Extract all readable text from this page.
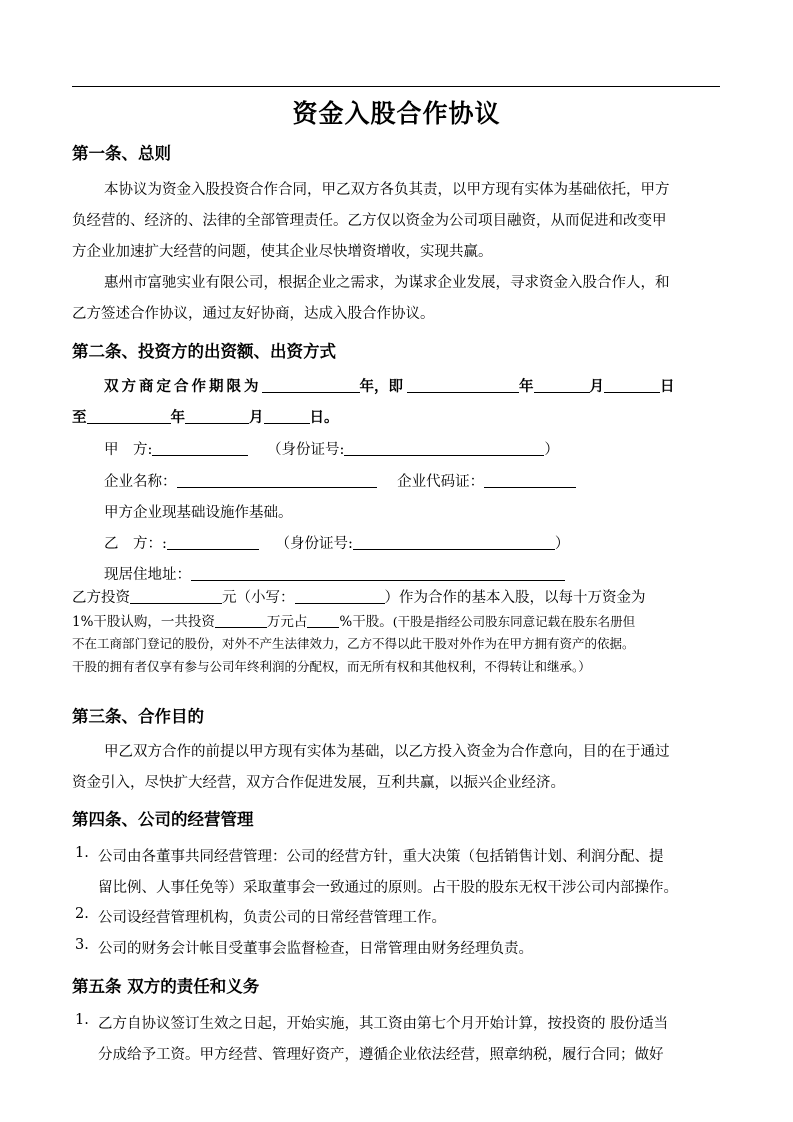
资金入股合作协议
第一条、总则
本协议为资金入股投资合作合同，甲乙双方各负其责，以甲方现有实体为基础依托，甲方
负经营的、经济的、法律的全部管理责任。乙方仅以资金为公司项目融资，从而促进和改变甲
方企业加速扩大经营的问题，使其企业尽快增资增收，实现共赢。
惠州市富驰实业有限公司，根据企业之需求，为谋求企业发展，寻求资金入股合作人，和
乙方签述合作协议，通过友好协商，达成入股合作协议。
第二条、投资方的出资额、出资方式
双方商定合作期限为	年，即	年	月	日
至	年	月	日。
甲　方:	（身份证号:	）
企业名称：	企业代码证：
甲方企业现基础设施作基础。
乙　方：:	（身份证号:	）
现居住地址：
乙方投资	元（小写：	）作为合作的基本入股，以每十万资金为
1%干股认购，一共投资	万元占 %干股。(干股是指经公司股东同意记载在股东名册但
不在工商部门登记的股份，对外不产生法律效力，乙方不得以此干股对外作为在甲方拥有资产的依据。
干股的拥有者仅享有参与公司年终利润的分配权，而无所有权和其他权利，不得转让和继承。）
第三条、合作目的
甲乙双方合作的前提以甲方现有实体为基础，以乙方投入资金为合作意向，目的在于通过
资金引入，尽快扩大经营，双方合作促进发展，互利共赢，以振兴企业经济。
第四条、公司的经营管理
1. 公司由各董事共同经营管理：公司的经营方针，重大决策（包括销售计划、利润分配、提
留比例、人事任免等）采取董事会一致通过的原则。占干股的股东无权干涉公司内部操作。
2. 公司设经营管理机构，负责公司的日常经营管理工作。
3. 公司的财务会计帐目受董事会监督检查，日常管理由财务经理负责。
第五条 双方的责任和义务
1. 乙方自协议签订生效之日起，开始实施，其工资由第七个月开始计算，按投资的 股份适当
分成给予工资。甲方经营、管理好资产，遵循企业依法经营，照章纳税，履行合同；做好
